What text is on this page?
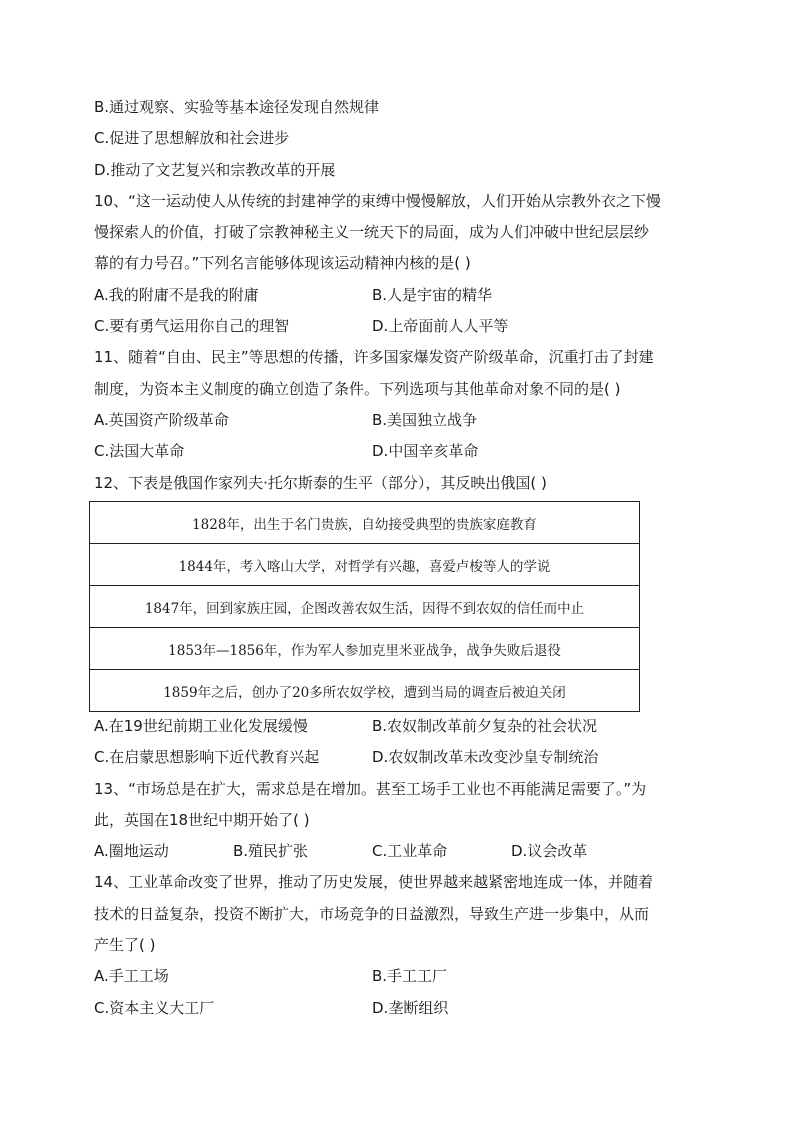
B.通过观察、实验等基本途径发现自然规律
C.促进了思想解放和社会进步
D.推动了文艺复兴和宗教改革的开展
10、“这一运动使人从传统的封建神学的束缚中慢慢解放，人们开始从宗教外衣之下慢
慢探索人的价值，打破了宗教神秘主义一统天下的局面，成为人们冲破中世纪层层纱
幕的有力号召。”下列名言能够体现该运动精神内核的是( )
A.我的附庸不是我的附庸	B.人是宇宙的精华
C.要有勇气运用你自己的理智	D.上帝面前人人平等
11、随着“自由、民主”等思想的传播，许多国家爆发资产阶级革命，沉重打击了封建
制度，为资本主义制度的确立创造了条件。下列选项与其他革命对象不同的是( )
A.英国资产阶级革命	B.美国独立战争
C.法国大革命	D.中国辛亥革命
12、下表是俄国作家列夫·托尔斯泰的生平（部分），其反映出俄国( )
1828年，出生于名门贵族，自幼接受典型的贵族家庭教育
1844年，考入喀山大学，对哲学有兴趣，喜爱卢梭等人的学说
1847年，回到家族庄园，企图改善农奴生活，因得不到农奴的信任而中止
1853年—1856年，作为军人参加克里米亚战争，战争失败后退役
1859年之后，创办了20多所农奴学校，遭到当局的调查后被迫关闭
A.在19世纪前期工业化发展缓慢	B.农奴制改革前夕复杂的社会状况
C.在启蒙思想影响下近代教育兴起	D.农奴制改革未改变沙皇专制统治
13、“市场总是在扩大，需求总是在增加。甚至工场手工业也不再能满足需要了。”为
此，英国在18世纪中期开始了( )
A.圈地运动	B.殖民扩张	C.工业革命	D.议会改革
14、工业革命改变了世界，推动了历史发展，使世界越来越紧密地连成一体，并随着
技术的日益复杂，投资不断扩大，市场竞争的日益激烈，导致生产进一步集中，从而
产生了( )
A.手工工场	B.手工工厂
C.资本主义大工厂	D.垄断组织
